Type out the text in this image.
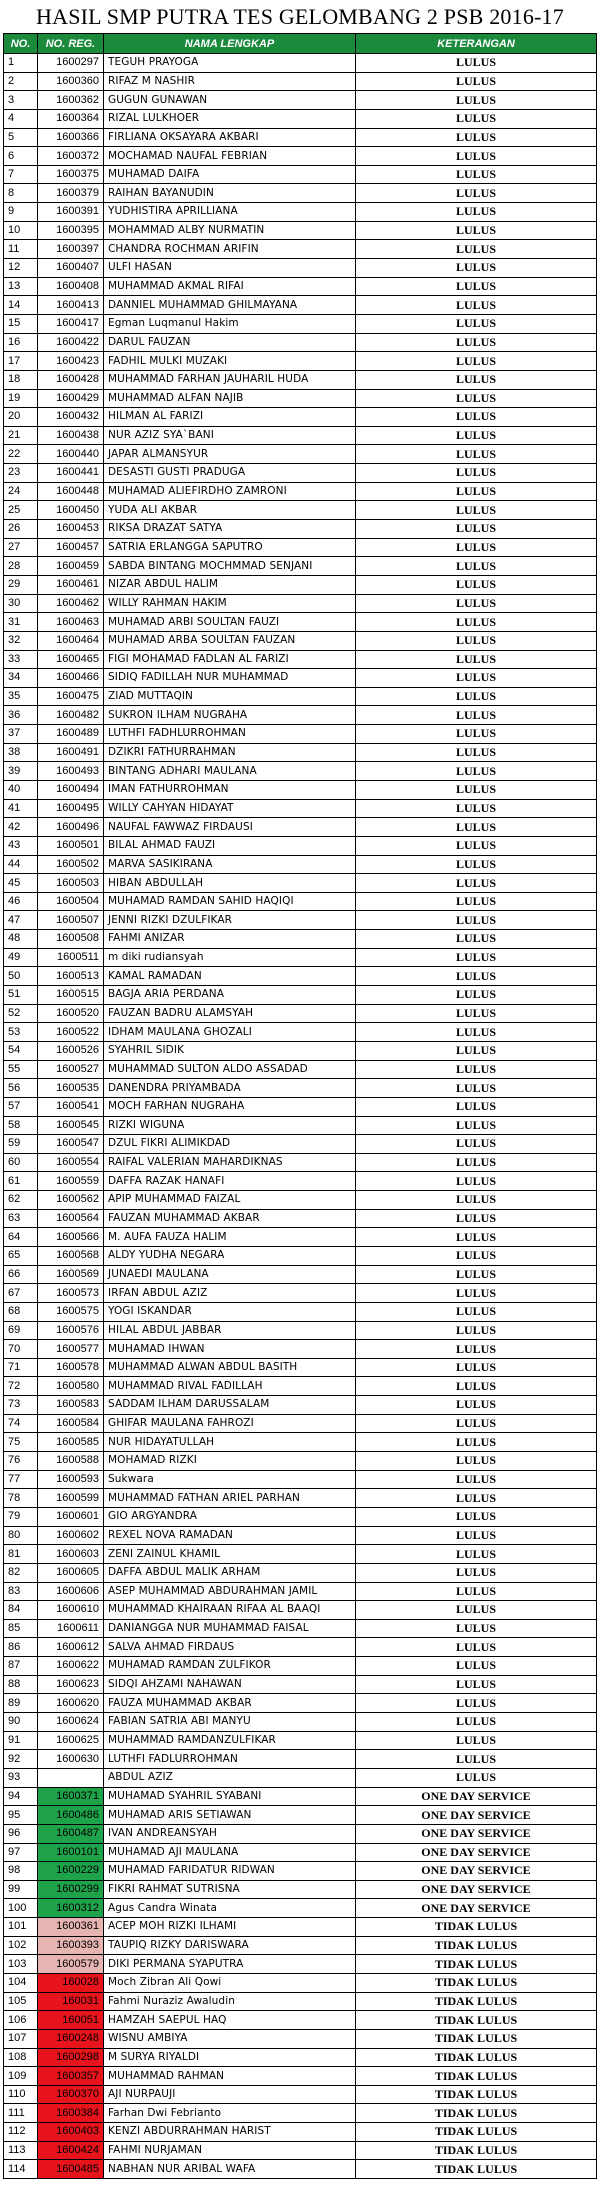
HASIL SMP PUTRA TES GELOMBANG 2 PSB 2016-17
NO.	NO. REG.	NAMA LENGKAP	KETERANGAN
1	1600297	TEGUH PRAYOGA	LULUS
2	1600360	RIFAZ M NASHIR	LULUS
3	1600362	GUGUN GUNAWAN	LULUS
4	1600364	RIZAL LULKHOER	LULUS
5	1600366	FIRLIANA OKSAYARA AKBARI	LULUS
6	1600372	MOCHAMAD NAUFAL FEBRIAN	LULUS
7	1600375	MUHAMAD DAIFA	LULUS
8	1600379	RAIHAN BAYANUDIN	LULUS
9	1600391	YUDHISTIRA APRILLIANA	LULUS
10	1600395	MOHAMMAD ALBY NURMATIN	LULUS
11	1600397	CHANDRA ROCHMAN ARIFIN	LULUS
12	1600407	ULFI HASAN	LULUS
13	1600408	MUHAMMAD AKMAL RIFAI	LULUS
14	1600413	DANNIEL MUHAMMAD GHILMAYANA	LULUS
15	1600417	Egman Luqmanul Hakim	LULUS
16	1600422	DARUL FAUZAN	LULUS
17	1600423	FADHIL MULKI MUZAKI	LULUS
18	1600428	MUHAMMAD FARHAN JAUHARIL HUDA	LULUS
19	1600429	MUHAMMAD ALFAN NAJIB	LULUS
20	1600432	HILMAN AL FARIZI	LULUS
21	1600438	NUR AZIZ SYA`BANI	LULUS
22	1600440	JAPAR ALMANSYUR	LULUS
23	1600441	DESASTI GUSTI PRADUGA	LULUS
24	1600448	MUHAMAD ALIEFIRDHO ZAMRONI	LULUS
25	1600450	YUDA ALI AKBAR	LULUS
26	1600453	RIKSA DRAZAT SATYA	LULUS
27	1600457	SATRIA ERLANGGA SAPUTRO	LULUS
28	1600459	SABDA BINTANG MOCHMMAD SENJANI	LULUS
29	1600461	NIZAR ABDUL HALIM	LULUS
30	1600462	WILLY RAHMAN HAKIM	LULUS
31	1600463	MUHAMAD ARBI SOULTAN FAUZI	LULUS
32	1600464	MUHAMAD ARBA SOULTAN FAUZAN	LULUS
33	1600465	FIGI MOHAMAD FADLAN AL FARIZI	LULUS
34	1600466	SIDIQ FADILLAH NUR MUHAMMAD	LULUS
35	1600475	ZIAD MUTTAQIN	LULUS
36	1600482	SUKRON ILHAM NUGRAHA	LULUS
37	1600489	LUTHFI FADHLURROHMAN	LULUS
38	1600491	DZIKRI FATHURRAHMAN	LULUS
39	1600493	BINTANG ADHARI MAULANA	LULUS
40	1600494	IMAN FATHURROHMAN	LULUS
41	1600495	WILLY CAHYAN HIDAYAT	LULUS
42	1600496	NAUFAL FAWWAZ FIRDAUSI	LULUS
43	1600501	BILAL AHMAD FAUZI	LULUS
44	1600502	MARVA SASIKIRANA	LULUS
45	1600503	HIBAN ABDULLAH	LULUS
46	1600504	MUHAMAD RAMDAN SAHID HAQIQI	LULUS
47	1600507	JENNI RIZKI DZULFIKAR	LULUS
48	1600508	FAHMI ANIZAR	LULUS
49	1600511	m diki rudiansyah	LULUS
50	1600513	KAMAL RAMADAN	LULUS
51	1600515	BAGJA ARIA PERDANA	LULUS
52	1600520	FAUZAN BADRU ALAMSYAH	LULUS
53	1600522	IDHAM MAULANA GHOZALI	LULUS
54	1600526	SYAHRIL SIDIK	LULUS
55	1600527	MUHAMMAD SULTON ALDO ASSADAD	LULUS
56	1600535	DANENDRA PRIYAMBADA	LULUS
57	1600541	MOCH FARHAN NUGRAHA	LULUS
58	1600545	RIZKI WIGUNA	LULUS
59	1600547	DZUL FIKRI ALIMIKDAD	LULUS
60	1600554	RAIFAL VALERIAN MAHARDIKNAS	LULUS
61	1600559	DAFFA RAZAK HANAFI	LULUS
62	1600562	APIP MUHAMMAD FAIZAL	LULUS
63	1600564	FAUZAN MUHAMMAD AKBAR	LULUS
64	1600566	M. AUFA FAUZA HALIM	LULUS
65	1600568	ALDY YUDHA NEGARA	LULUS
66	1600569	JUNAEDI MAULANA	LULUS
67	1600573	IRFAN ABDUL AZIZ	LULUS
68	1600575	YOGI ISKANDAR	LULUS
69	1600576	HILAL ABDUL JABBAR	LULUS
70	1600577	MUHAMAD IHWAN	LULUS
71	1600578	MUHAMMAD ALWAN ABDUL BASITH	LULUS
72	1600580	MUHAMMAD RIVAL FADILLAH	LULUS
73	1600583	SADDAM ILHAM DARUSSALAM	LULUS
74	1600584	GHIFAR MAULANA FAHROZI	LULUS
75	1600585	NUR HIDAYATULLAH	LULUS
76	1600588	MOHAMAD RIZKI	LULUS
77	1600593	Sukwara	LULUS
78	1600599	MUHAMMAD FATHAN ARIEL PARHAN	LULUS
79	1600601	GIO ARGYANDRA	LULUS
80	1600602	REXEL NOVA RAMADAN	LULUS
81	1600603	ZENI ZAINUL KHAMIL	LULUS
82	1600605	DAFFA ABDUL MALIK ARHAM	LULUS
83	1600606	ASEP MUHAMMAD ABDURAHMAN JAMIL	LULUS
84	1600610	MUHAMMAD KHAIRAAN RIFAA AL BAAQI	LULUS
85	1600611	DANIANGGA NUR MUHAMMAD FAISAL	LULUS
86	1600612	SALVA AHMAD FIRDAUS	LULUS
87	1600622	MUHAMAD RAMDAN ZULFIKOR	LULUS
88	1600623	SIDQI AHZAMI NAHAWAN	LULUS
89	1600620	FAUZA MUHAMMAD AKBAR	LULUS
90	1600624	FABIAN SATRIA ABI MANYU	LULUS
91	1600625	MUHAMMAD RAMDANZULFIKAR	LULUS
92	1600630	LUTHFI FADLURROHMAN	LULUS
93		ABDUL AZIZ	LULUS
94	1600371	MUHAMAD SYAHRIL SYABANI	ONE DAY SERVICE
95	1600486	MUHAMAD ARIS SETIAWAN	ONE DAY SERVICE
96	1600487	IVAN ANDREANSYAH	ONE DAY SERVICE
97	1600101	MUHAMAD AJI MAULANA	ONE DAY SERVICE
98	1600229	MUHAMAD FARIDATUR RIDWAN	ONE DAY SERVICE
99	1600299	FIKRI RAHMAT SUTRISNA	ONE DAY SERVICE
100	1600312	Agus Candra Winata	ONE DAY SERVICE
101	1600361	ACEP MOH RIZKI ILHAMI	TIDAK LULUS
102	1600393	TAUPIQ RIZKY DARISWARA	TIDAK LULUS
103	1600579	DIKI PERMANA SYAPUTRA	TIDAK LULUS
104	160028	Moch Zibran Ali Qowi	TIDAK LULUS
105	160031	Fahmi Nuraziz Awaludin	TIDAK LULUS
106	160051	HAMZAH SAEPUL HAQ	TIDAK LULUS
107	1600248	WISNU AMBIYA	TIDAK LULUS
108	1600298	M SURYA RIYALDI	TIDAK LULUS
109	1600357	MUHAMMAD RAHMAN	TIDAK LULUS
110	1600370	AJI NURPAUJI	TIDAK LULUS
111	1600384	Farhan Dwi Febrianto	TIDAK LULUS
112	1600403	KENZI ABDURRAHMAN HARIST	TIDAK LULUS
113	1600424	FAHMI NURJAMAN	TIDAK LULUS
114	1600485	NABHAN NUR ARIBAL WAFA	TIDAK LULUS
